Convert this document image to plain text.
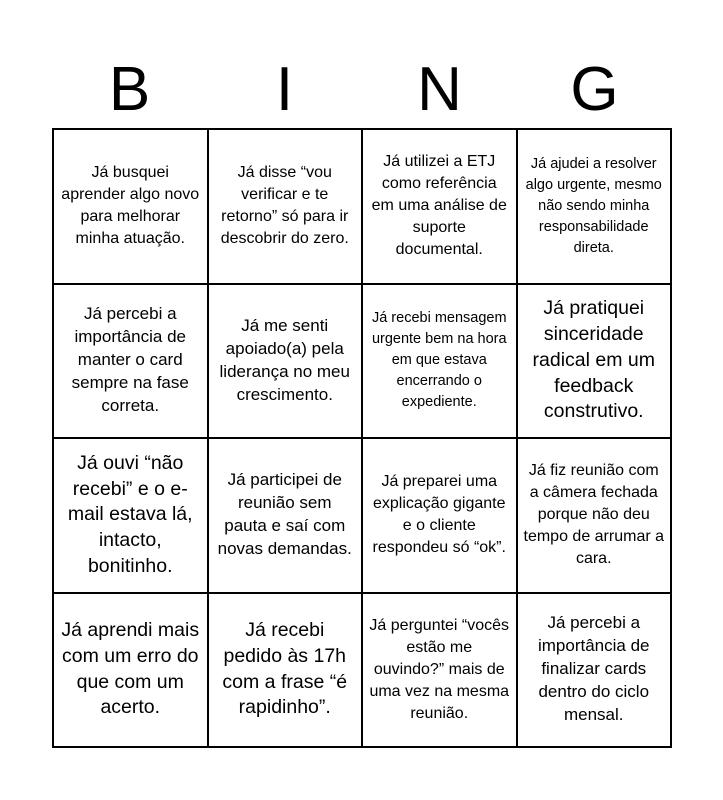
B	I	N	G
Já busquei aprender algo novo para melhorar minha atuação.
Já disse “vou verificar e te retorno” só para ir descobrir do zero.
Já utilizei a ETJ como referência em uma análise de suporte documental.
Já ajudei a resolver algo urgente, mesmo não sendo minha responsabilidade direta.
Já percebi a importância de manter o card sempre na fase correta.
Já me senti apoiado(a) pela liderança no meu crescimento.
Já recebi mensagem urgente bem na hora em que estava encerrando o expediente.
Já pratiquei sinceridade radical em um feedback construtivo.
Já ouvi “não recebi” e o e-mail estava lá, intacto, bonitinho.
Já participei de reunião sem pauta e saí com novas demandas.
Já preparei uma explicação gigante e o cliente respondeu só “ok”.
Já fiz reunião com a câmera fechada porque não deu tempo de arrumar a cara.
Já aprendi mais com um erro do que com um acerto.
Já recebi pedido às 17h com a frase “é rapidinho”.
Já perguntei “vocês estão me ouvindo?” mais de uma vez na mesma reunião.
Já percebi a importância de finalizar cards dentro do ciclo mensal.
